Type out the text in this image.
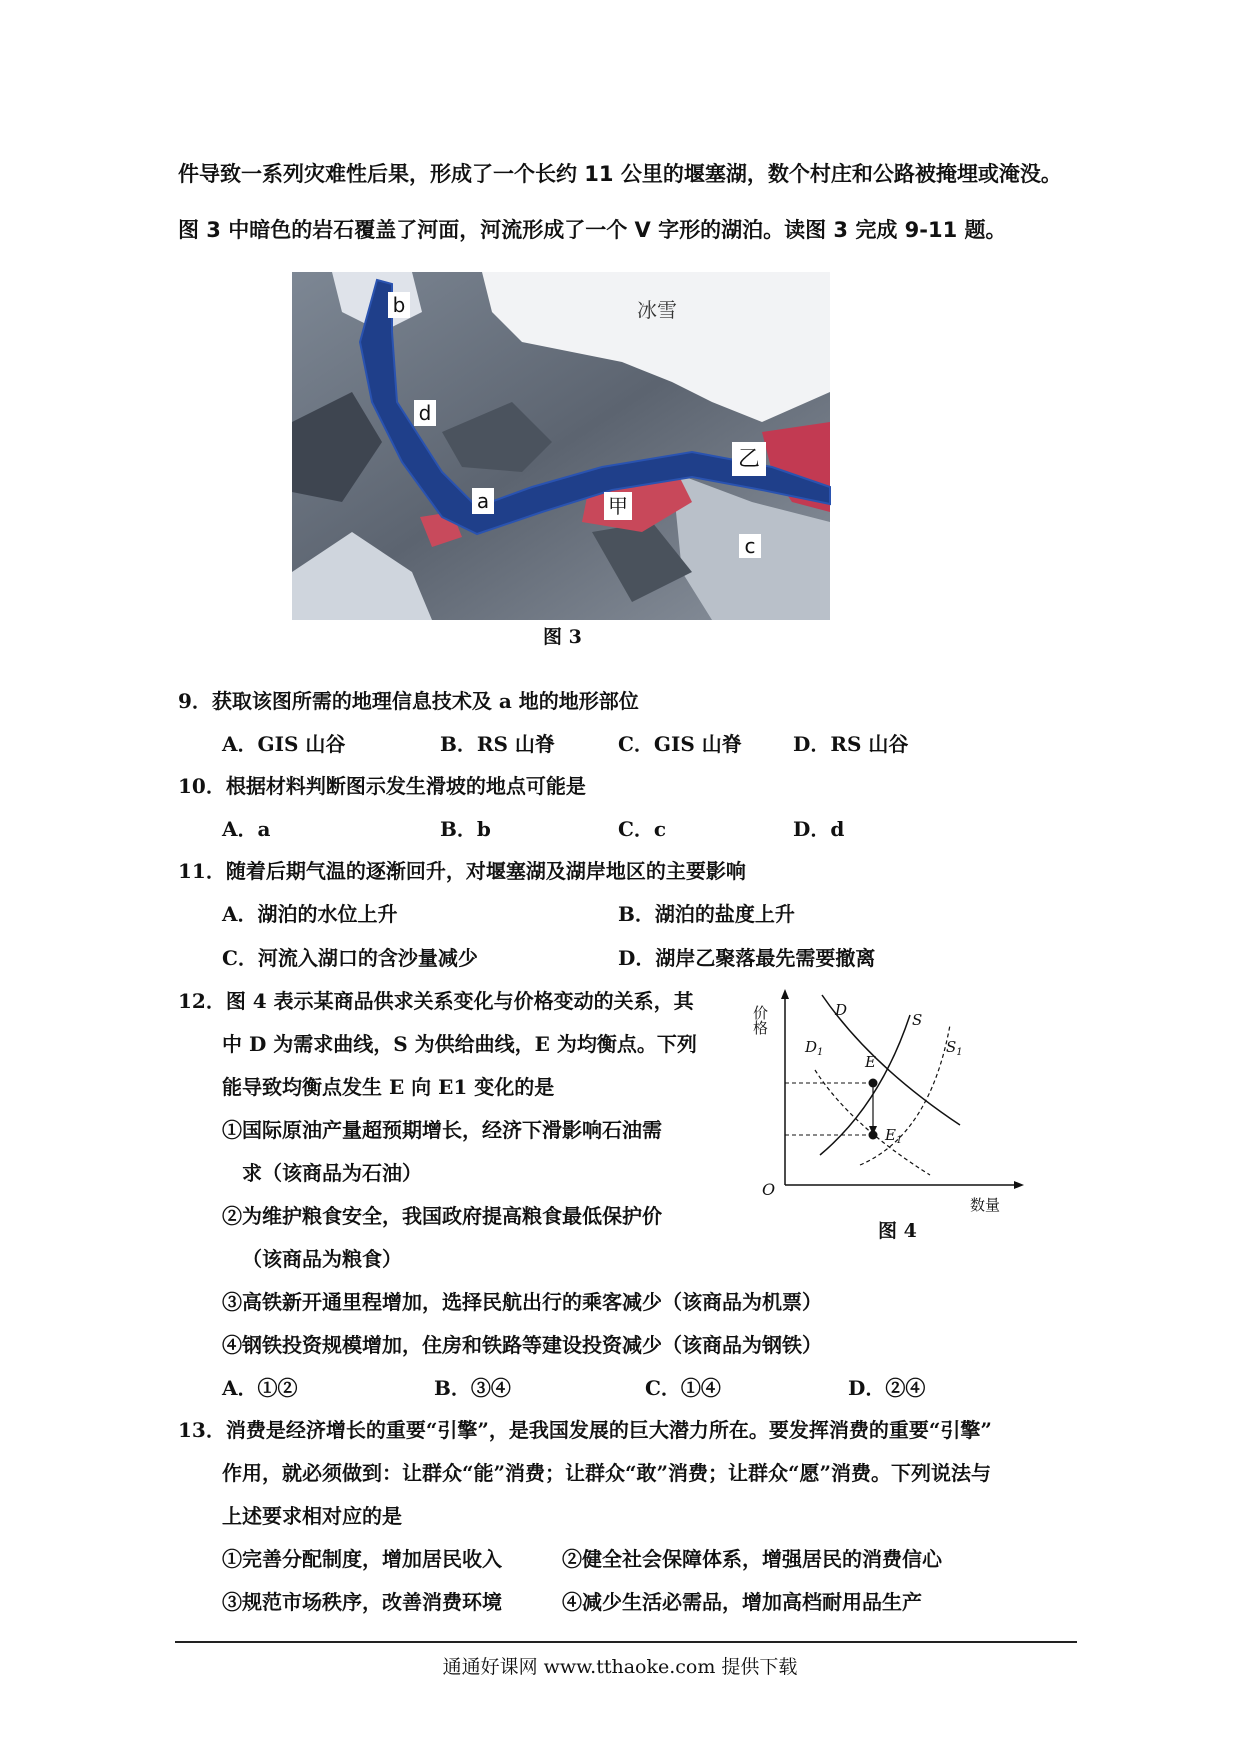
件导致一系列灾难性后果，形成了一个长约 11 公里的堰塞湖，数个村庄和公路被掩埋或淹没。
图 3 中暗色的岩石覆盖了河面，河流形成了一个 V 字形的湖泊。读图 3 完成 9-11 题。
b
d
a	甲
乙
c
冰雪
图 3
9．获取该图所需的地理信息技术及 a 地的地形部位
A．GIS 山谷	B．RS 山脊	C．GIS 山脊	D．RS 山谷
10．根据材料判断图示发生滑坡的地点可能是
A．a	B．b	C．c	D．d
11．随着后期气温的逐渐回升，对堰塞湖及湖岸地区的主要影响
A．湖泊的水位上升	B．湖泊的盐度上升
C．河流入湖口的含沙量减少	D．湖岸乙聚落最先需要撤离
12．图 4 表示某商品供求关系变化与价格变动的关系，其
中 D 为需求曲线，S 为供给曲线，E 为均衡点。下列
能导致均衡点发生 E 向 E1 变化的是
①国际原油产量超预期增长，经济下滑影响石油需
求（该商品为石油）
②为维护粮食安全，我国政府提高粮食最低保护价
（该商品为粮食）
③高铁新开通里程增加，选择民航出行的乘客减少（该商品为机票）
④钢铁投资规模增加，住房和铁路等建设投资减少（该商品为钢铁）
A．①②	B．③④	C．①④	D．②④
价格
O
数量
D
S
$D_1$	$S_1$
E
$E_1$
图 4
13．消费是经济增长的重要“引擎”，是我国发展的巨大潜力所在。要发挥消费的重要“引擎”
作用，就必须做到：让群众“能”消费；让群众“敢”消费；让群众“愿”消费。下列说法与
上述要求相对应的是
①完善分配制度，增加居民收入	②健全社会保障体系，增强居民的消费信心
③规范市场秩序，改善消费环境	④减少生活必需品，增加高档耐用品生产
通通好课网 www.tthaoke.com 提供下载
